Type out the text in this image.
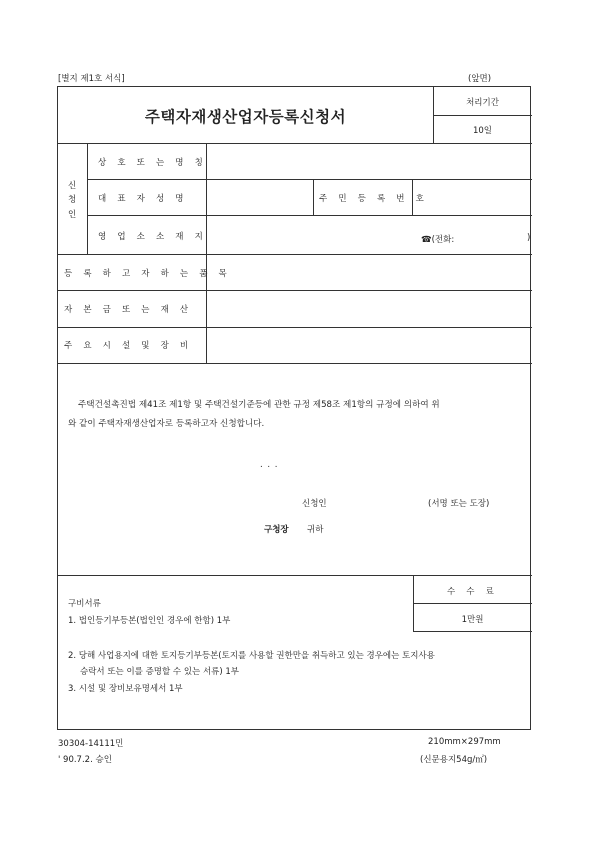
[별지 제1호 서식]	(앞면)
주택자재생산업자등록신청서
처리기간
10일
신
청
인
상 호 또 는 명 칭
대 표 자 성 명	주 민 등 록 번 호
영 업 소 소 재 지	☎(전화:	)
등 록 하 고 자 하 는 품 목
자 본 금 또 는 재 산
주 요 시 설 및 장 비
주택건설촉진법 제41조 제1항 및 주택건설기준등에 관한 규정 제58조 제1항의 규정에 의하여 위
와 같이 주택자재생산업자로 등록하고자 신청합니다.
. . .
신청인	(서명 또는 도장)
구청장 귀하
구비서류
1. 법인등기부등본(법인인 경우에 한함) 1부
2. 당해 사업용지에 대한 토지등기부등본(토지를 사용할 권한만을 취득하고 있는 경우에는 토지사용
승락서 또는 이를 증명할 수 있는 서류) 1부
3. 시설 및 장비보유명세서 1부
수 수 료
1만원
30304-14111민
' 90.7.2. 승인
210mm×297mm
(신문용지54g/㎡)
